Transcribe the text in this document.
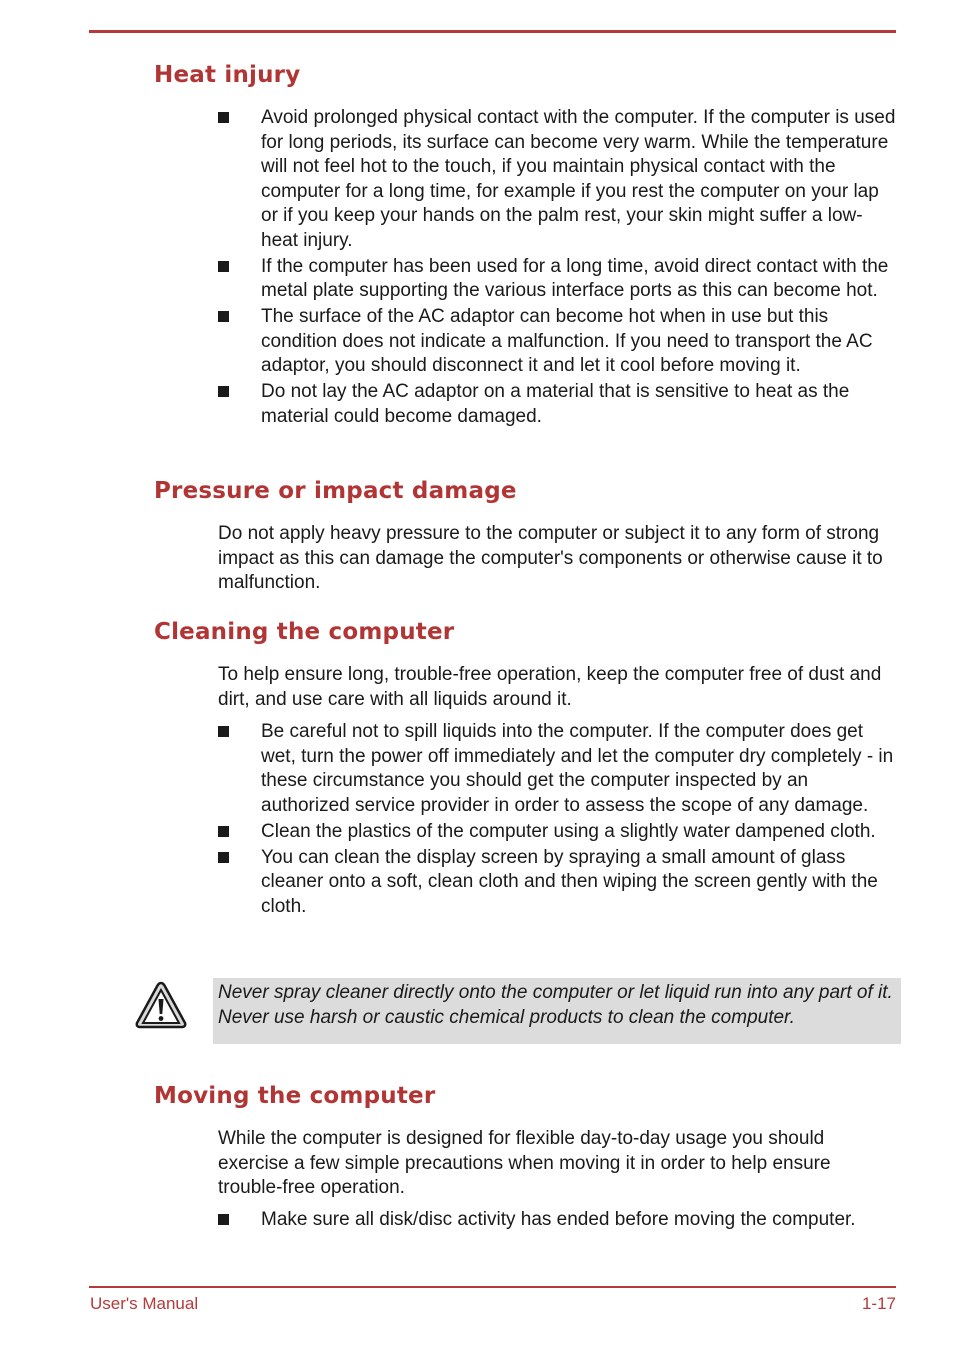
Heat injury
Avoid prolonged physical contact with the computer. If the computer is used for long periods, its surface can become very warm. While the temperature will not feel hot to the touch, if you maintain physical contact with the computer for a long time, for example if you rest the computer on your lap or if you keep your hands on the palm rest, your skin might suffer a low-heat injury.
If the computer has been used for a long time, avoid direct contact with the metal plate supporting the various interface ports as this can become hot.
The surface of the AC adaptor can become hot when in use but this condition does not indicate a malfunction. If you need to transport the AC adaptor, you should disconnect it and let it cool before moving it.
Do not lay the AC adaptor on a material that is sensitive to heat as the material could become damaged.
Pressure or impact damage

Do not apply heavy pressure to the computer or subject it to any form of strong impact as this can damage the computer's components or otherwise cause it to malfunction.

Cleaning the computer

To help ensure long, trouble-free operation, keep the computer free of dust and dirt, and use care with all liquids around it.

Be careful not to spill liquids into the computer. If the computer does get wet, turn the power off immediately and let the computer dry completely - in these circumstance you should get the computer inspected by an authorized service provider in order to assess the scope of any damage.
Clean the plastics of the computer using a slightly water dampened cloth.
You can clean the display screen by spraying a small amount of glass cleaner onto a soft, clean cloth and then wiping the screen gently with the cloth.

Never spray cleaner directly onto the computer or let liquid run into any part of it. Never use harsh or caustic chemical products to clean the computer.

Moving the computer

While the computer is designed for flexible day-to-day usage you should exercise a few simple precautions when moving it in order to help ensure trouble-free operation.

Make sure all disk/disc activity has ended before moving the computer.
User's Manual	1-17
